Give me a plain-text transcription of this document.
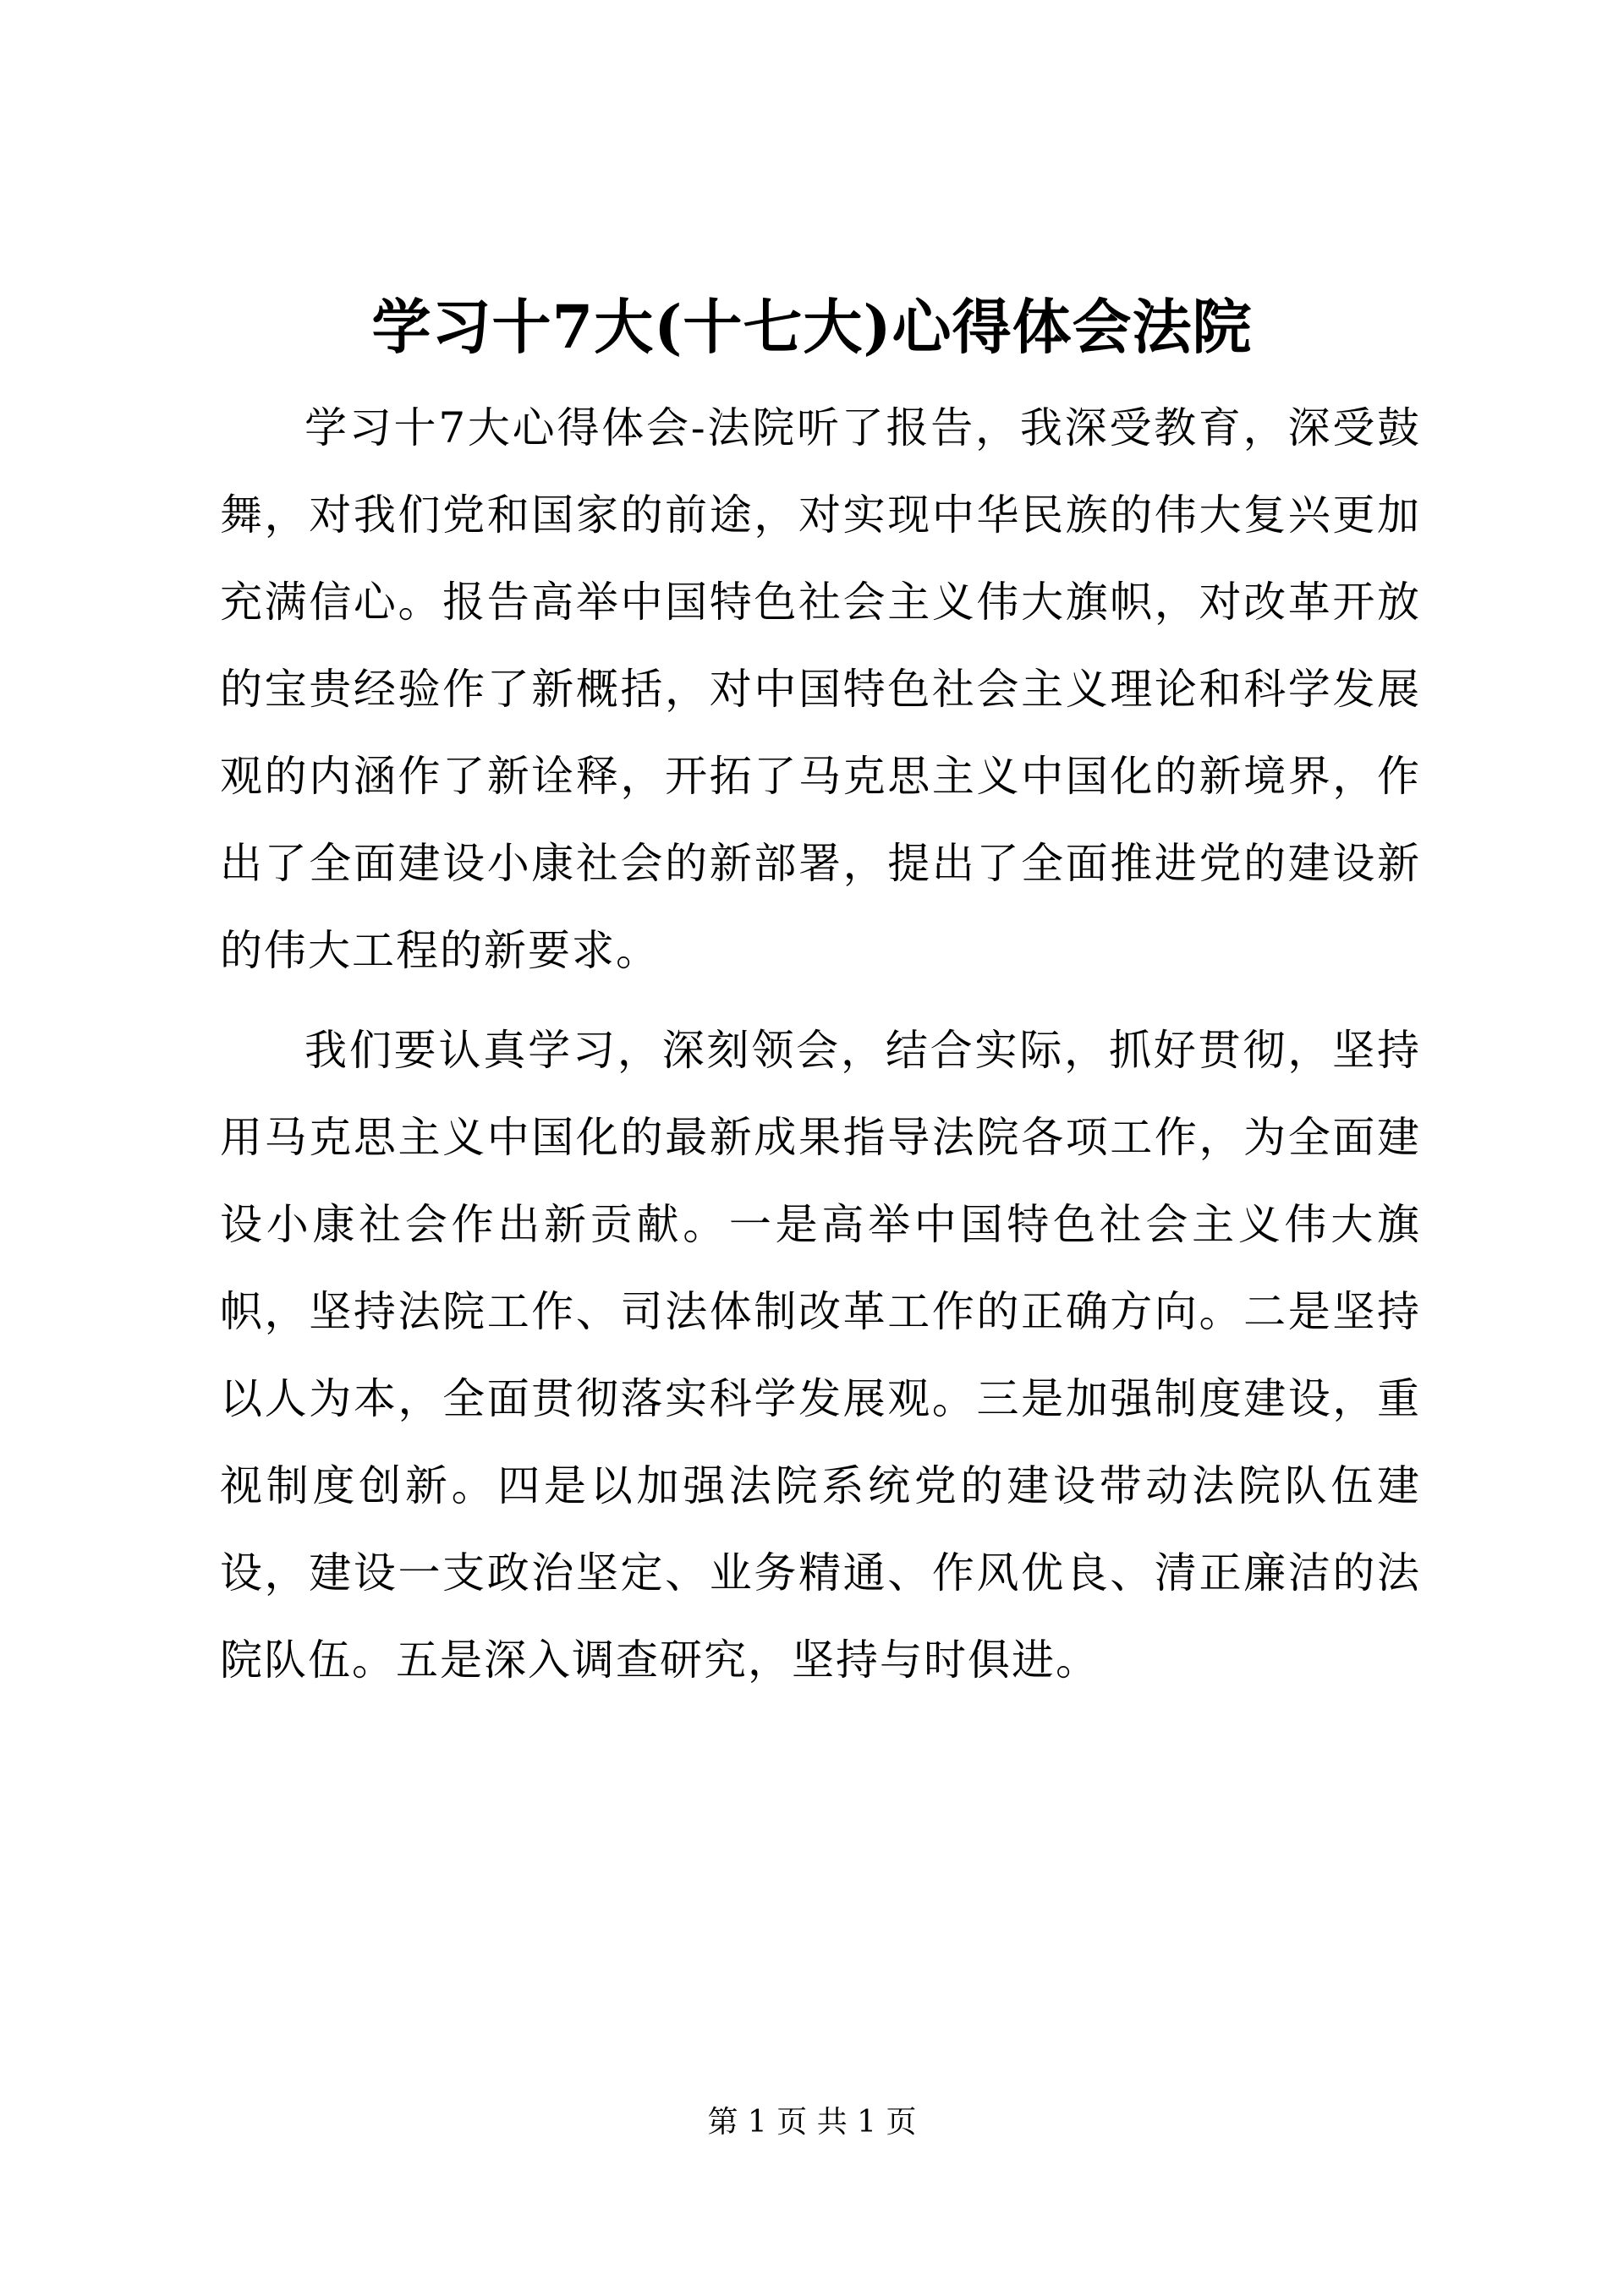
学习十7大(十七大)心得体会法院

学习十7大心得体会-法院听了报告，我深受教育，深受鼓舞，对我们党和国家的前途，对实现中华民族的伟大复兴更加充满信心。报告高举中国特色社会主义伟大旗帜，对改革开放的宝贵经验作了新概括，对中国特色社会主义理论和科学发展观的内涵作了新诠释，开拓了马克思主义中国化的新境界，作出了全面建设小康社会的新部署，提出了全面推进党的建设新的伟大工程的新要求。

我们要认真学习，深刻领会，结合实际，抓好贯彻，坚持用马克思主义中国化的最新成果指导法院各项工作，为全面建设小康社会作出新贡献。一是高举中国特色社会主义伟大旗帜，坚持法院工作、司法体制改革工作的正确方向。二是坚持以人为本，全面贯彻落实科学发展观。三是加强制度建设，重视制度创新。四是以加强法院系统党的建设带动法院队伍建设，建设一支政治坚定、业务精通、作风优良、清正廉洁的法院队伍。五是深入调查研究，坚持与时俱进。

第 1 页 共 1 页
